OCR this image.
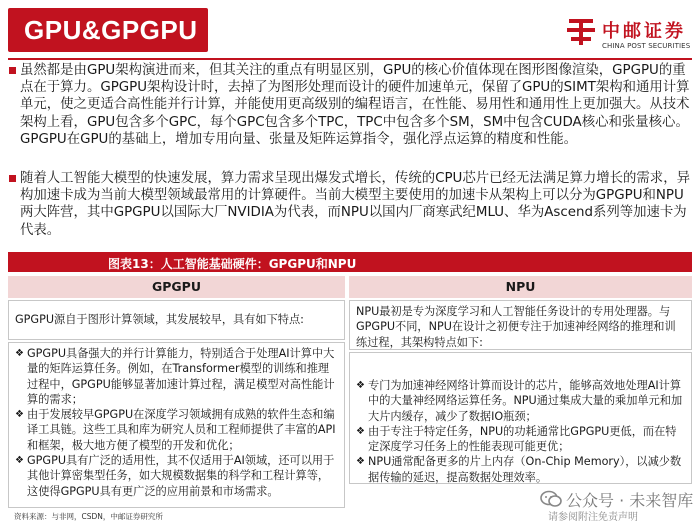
GPU&GPGPU	中邮证券
CHINA POST SECURITIES
虽然都是由GPU架构演进而来，但其关注的重点有明显区别，GPU的核心价值体现在图形图像渲染，GPGPU的重点在于算力。GPGPU架构设计时，去掉了为图形处理而设计的硬件加速单元，保留了GPU的SIMT架构和通用计算单元，使之更适合高性能并行计算，并能使用更高级别的编程语言，在性能、易用性和通用性上更加强大。从技术架构上看，GPU包含多个GPC，每个GPC包含多个TPC，TPC中包含多个SM，SM中包含CUDA核心和张量核心。GPGPU在GPU的基础上，增加专用向量、张量及矩阵运算指令，强化浮点运算的精度和性能。
随着人工智能大模型的快速发展，算力需求呈现出爆发式增长，传统的CPU芯片已经无法满足算力增长的需求，异构加速卡成为当前大模型领域最常用的计算硬件。当前大模型主要使用的加速卡从架构上可以分为GPGPU和NPU两大阵营，其中GPGPU以国际大厂NVIDIA为代表，而NPU以国内厂商寒武纪MLU、华为Ascend系列等加速卡为代表。
图表13：人工智能基础硬件：GPGPU和NPU
GPGPU	NPU
GPGPU源自于图形计算领域，其发展较早，具有如下特点:
NPU最初是专为深度学习和人工智能任务设计的专用处理器。与GPGPU不同，NPU在设计之初便专注于加速神经网络的推理和训练过程，其架构特点如下:
❖ GPGPU具备强大的并行计算能力，特别适合于处理AI计算中大量的矩阵运算任务。例如，在Transformer模型的训练和推理过程中，GPGPU能够显著加速计算过程，满足模型对高性能计算的需求；
❖ 由于发展较早GPGPU在深度学习领域拥有成熟的软件生态和编译工具链。这些工具和库为研究人员和工程师提供了丰富的API和框架，极大地方便了模型的开发和优化；
❖ GPGPU具有广泛的适用性，其不仅适用于AI领域，还可以用于其他计算密集型任务，如大规模数据集的科学和工程计算等，这使得GPGPU具有更广泛的应用前景和市场需求。
❖ 专门为加速神经网络计算而设计的芯片，能够高效地处理AI计算中的大量神经网络运算任务。NPU通过集成大量的乘加单元和加大片内缓存，减少了数据IO瓶颈；
❖ 由于专注于特定任务，NPU的功耗通常比GPGPU更低，而在特定深度学习任务上的性能表现可能更优；
❖ NPU通常配备更多的片上内存（On-Chip Memory），以减少数据传输的延迟，提高数据处理效率。
资料来源：与非网，CSDN，中邮证券研究所
公众号 · 未来智库
请参阅附注免责声明
